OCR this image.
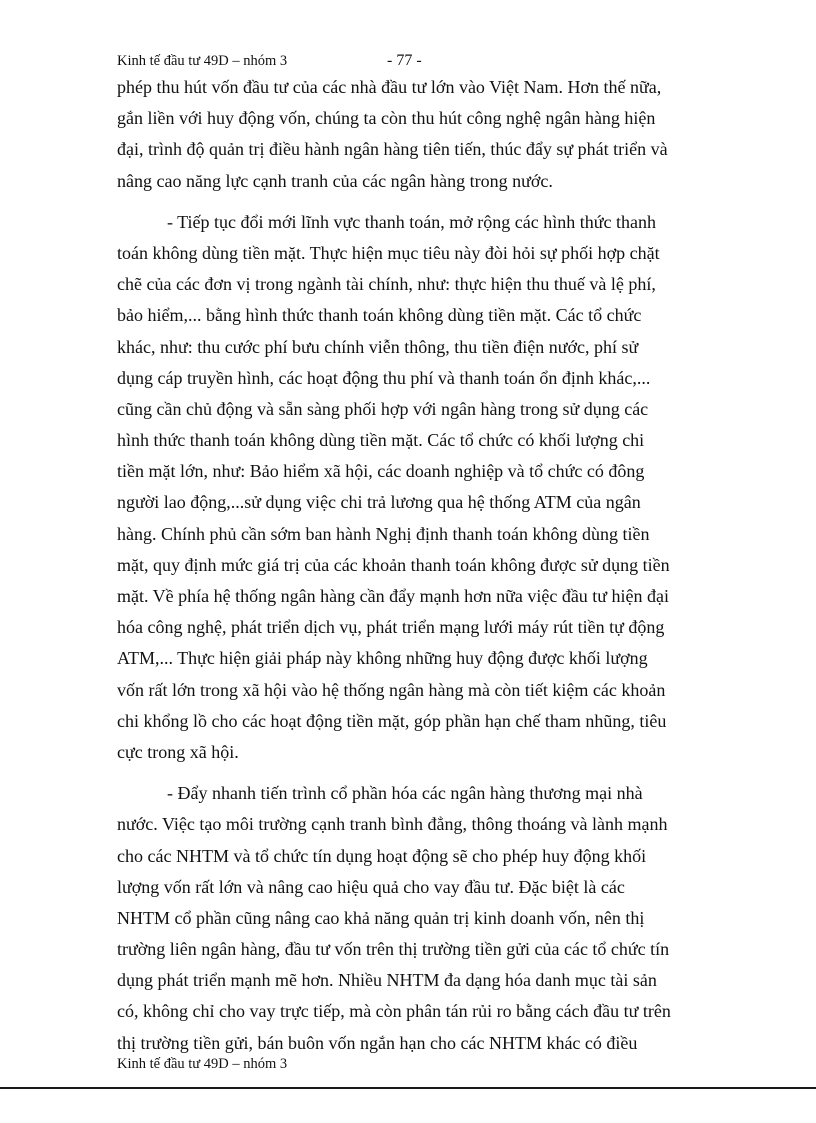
Kinh tế đầu tư 49D – nhóm 3	- 77 -
phép thu hút vốn đầu tư của các nhà đầu tư lớn vào Việt Nam. Hơn thế nữa,
gắn liền với huy động vốn, chúng ta còn thu hút công nghệ ngân hàng hiện
đại, trình độ quản trị điều hành ngân hàng tiên tiến, thúc đẩy sự phát triển và
nâng cao năng lực cạnh tranh của các ngân hàng trong nước.
- Tiếp tục đổi mới lĩnh vực thanh toán, mở rộng các hình thức thanh
toán không dùng tiền mặt. Thực hiện mục tiêu này đòi hỏi sự phối hợp chặt
chẽ của các đơn vị trong ngành tài chính, như: thực hiện thu thuế và lệ phí,
bảo hiểm,... bằng hình thức thanh toán không dùng tiền mặt. Các tổ chức
khác, như: thu cước phí bưu chính viễn thông, thu tiền điện nước, phí sử
dụng cáp truyền hình, các hoạt động thu phí và thanh toán ổn định khác,...
cũng cần chủ động và sẵn sàng phối hợp với ngân hàng trong sử dụng các
hình thức thanh toán không dùng tiền mặt. Các tổ chức có khối lượng chi
tiền mặt lớn, như: Bảo hiểm xã hội, các doanh nghiệp và tổ chức có đông
người lao động,...sử dụng việc chi trả lương qua hệ thống ATM của ngân
hàng. Chính phủ cần sớm ban hành Nghị định thanh toán không dùng tiền
mặt, quy định mức giá trị của các khoản thanh toán không được sử dụng tiền
mặt. Về phía hệ thống ngân hàng cần đẩy mạnh hơn nữa việc đầu tư hiện đại
hóa công nghệ, phát triển dịch vụ, phát triển mạng lưới máy rút tiền tự động
ATM,... Thực hiện giải pháp này không những huy động được khối lượng
vốn rất lớn trong xã hội vào hệ thống ngân hàng mà còn tiết kiệm các khoản
chi khổng lồ cho các hoạt động tiền mặt, góp phần hạn chế tham nhũng, tiêu
cực trong xã hội.
- Đẩy nhanh tiến trình cổ phần hóa các ngân hàng thương mại nhà
nước. Việc tạo môi trường cạnh tranh bình đẳng, thông thoáng và lành mạnh
cho các NHTM và tổ chức tín dụng hoạt động sẽ cho phép huy động khối
lượng vốn rất lớn và nâng cao hiệu quả cho vay đầu tư. Đặc biệt là các
NHTM cổ phần cũng nâng cao khả năng quản trị kinh doanh vốn, nên thị
trường liên ngân hàng, đầu tư vốn trên thị trường tiền gửi của các tổ chức tín
dụng phát triển mạnh mẽ hơn. Nhiều NHTM đa dạng hóa danh mục tài sản
có, không chỉ cho vay trực tiếp, mà còn phân tán rủi ro bằng cách đầu tư trên
thị trường tiền gửi, bán buôn vốn ngắn hạn cho các NHTM khác có điều
Kinh tế đầu tư 49D – nhóm 3
